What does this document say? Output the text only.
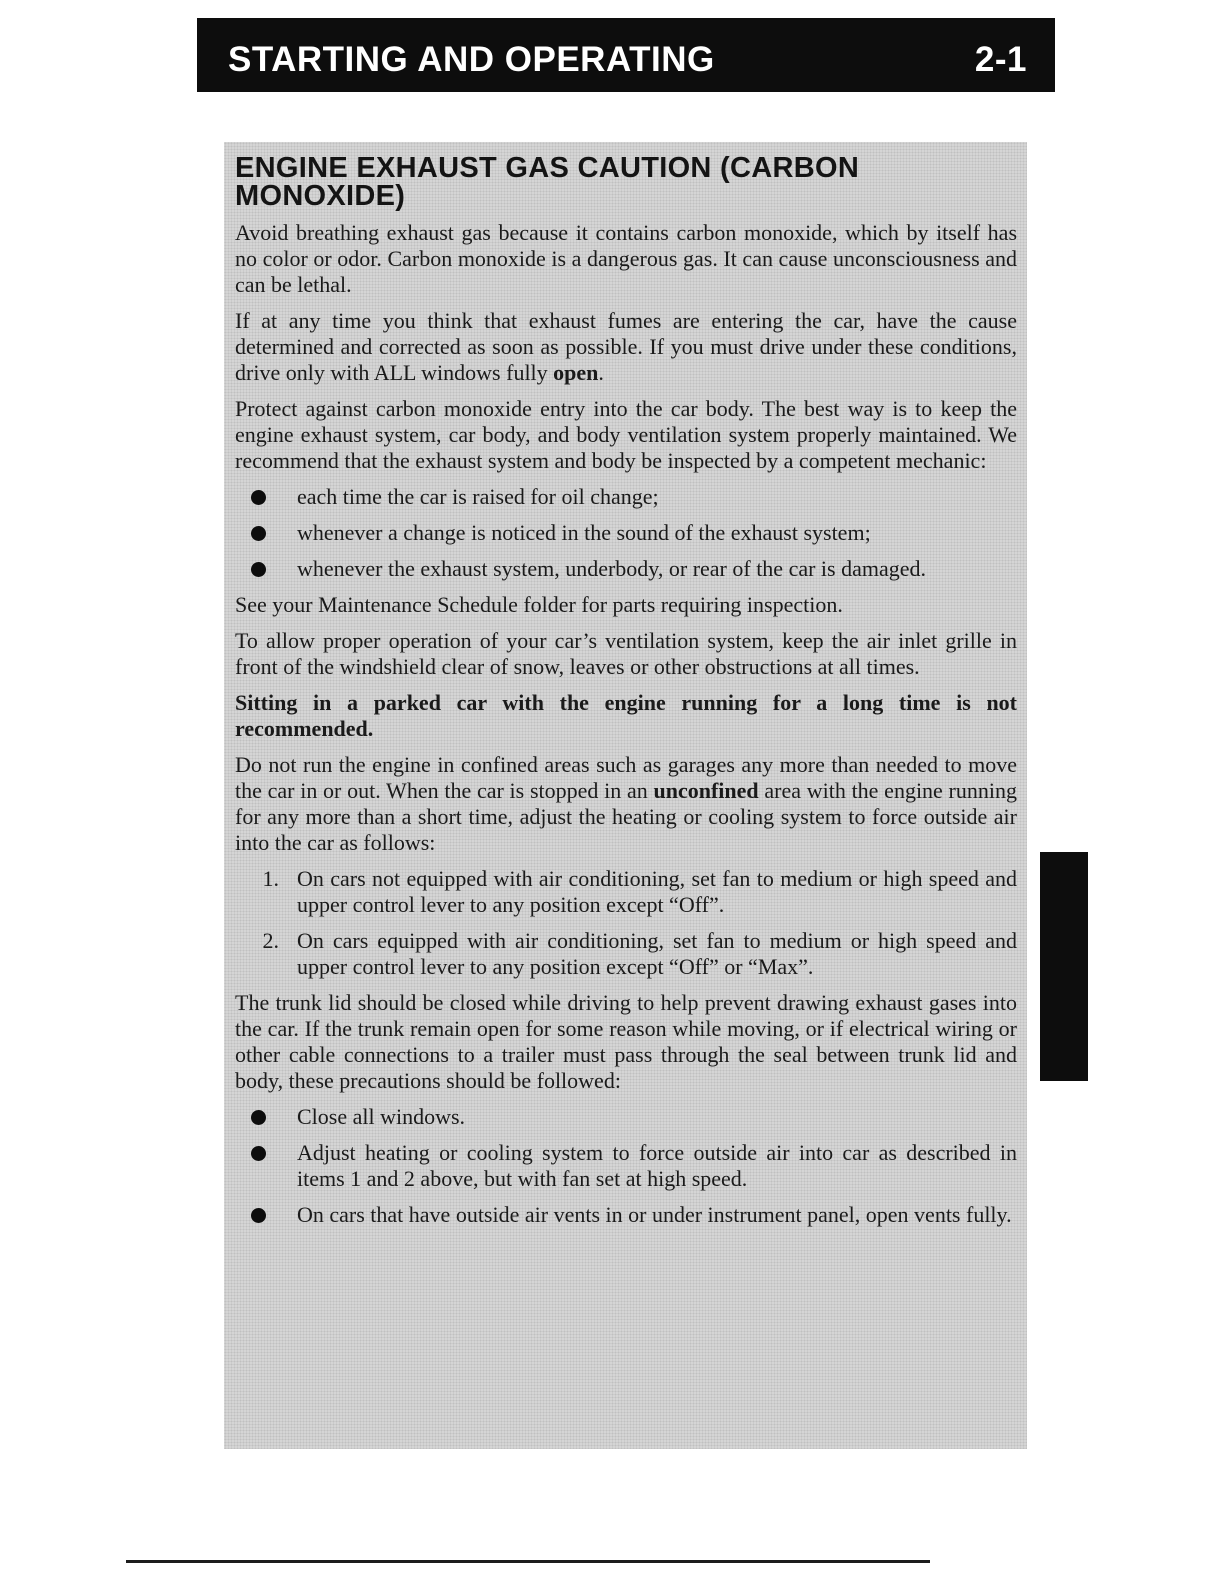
STARTING AND OPERATING	2-1
ENGINE EXHAUST GAS CAUTION (CARBON MONOXIDE)

Avoid breathing exhaust gas because it contains carbon monoxide, which by itself has no color or odor. Carbon monoxide is a dangerous gas. It can cause unconsciousness and can be lethal.

If at any time you think that exhaust fumes are entering the car, have the cause determined and corrected as soon as possible. If you must drive under these conditions, drive only with ALL windows fully open.

Protect against carbon monoxide entry into the car body. The best way is to keep the engine exhaust system, car body, and body ventilation system properly maintained. We recommend that the exhaust system and body be inspected by a competent mechanic:

each time the car is raised for oil change;
whenever a change is noticed in the sound of the exhaust system;
whenever the exhaust system, underbody, or rear of the car is damaged.

See your Maintenance Schedule folder for parts requiring inspection.

To allow proper operation of your car’s ventilation system, keep the air inlet grille in front of the windshield clear of snow, leaves or other obstructions at all times.

Sitting in a parked car with the engine running for a long time is not recommended.

Do not run the engine in confined areas such as garages any more than needed to move the car in or out. When the car is stopped in an unconfined area with the engine running for any more than a short time, adjust the heating or cooling system to force outside air into the car as follows:

1. On cars not equipped with air conditioning, set fan to medium or high speed and upper control lever to any position except “Off”.
2. On cars equipped with air conditioning, set fan to medium or high speed and upper control lever to any position except “Off” or “Max”.

The trunk lid should be closed while driving to help prevent drawing exhaust gases into the car. If the trunk remain open for some reason while moving, or if electrical wiring or other cable connections to a trailer must pass through the seal between trunk lid and body, these precautions should be followed:

Close all windows.
Adjust heating or cooling system to force outside air into car as described in items 1 and 2 above, but with fan set at high speed.
On cars that have outside air vents in or under instrument panel, open vents fully.
